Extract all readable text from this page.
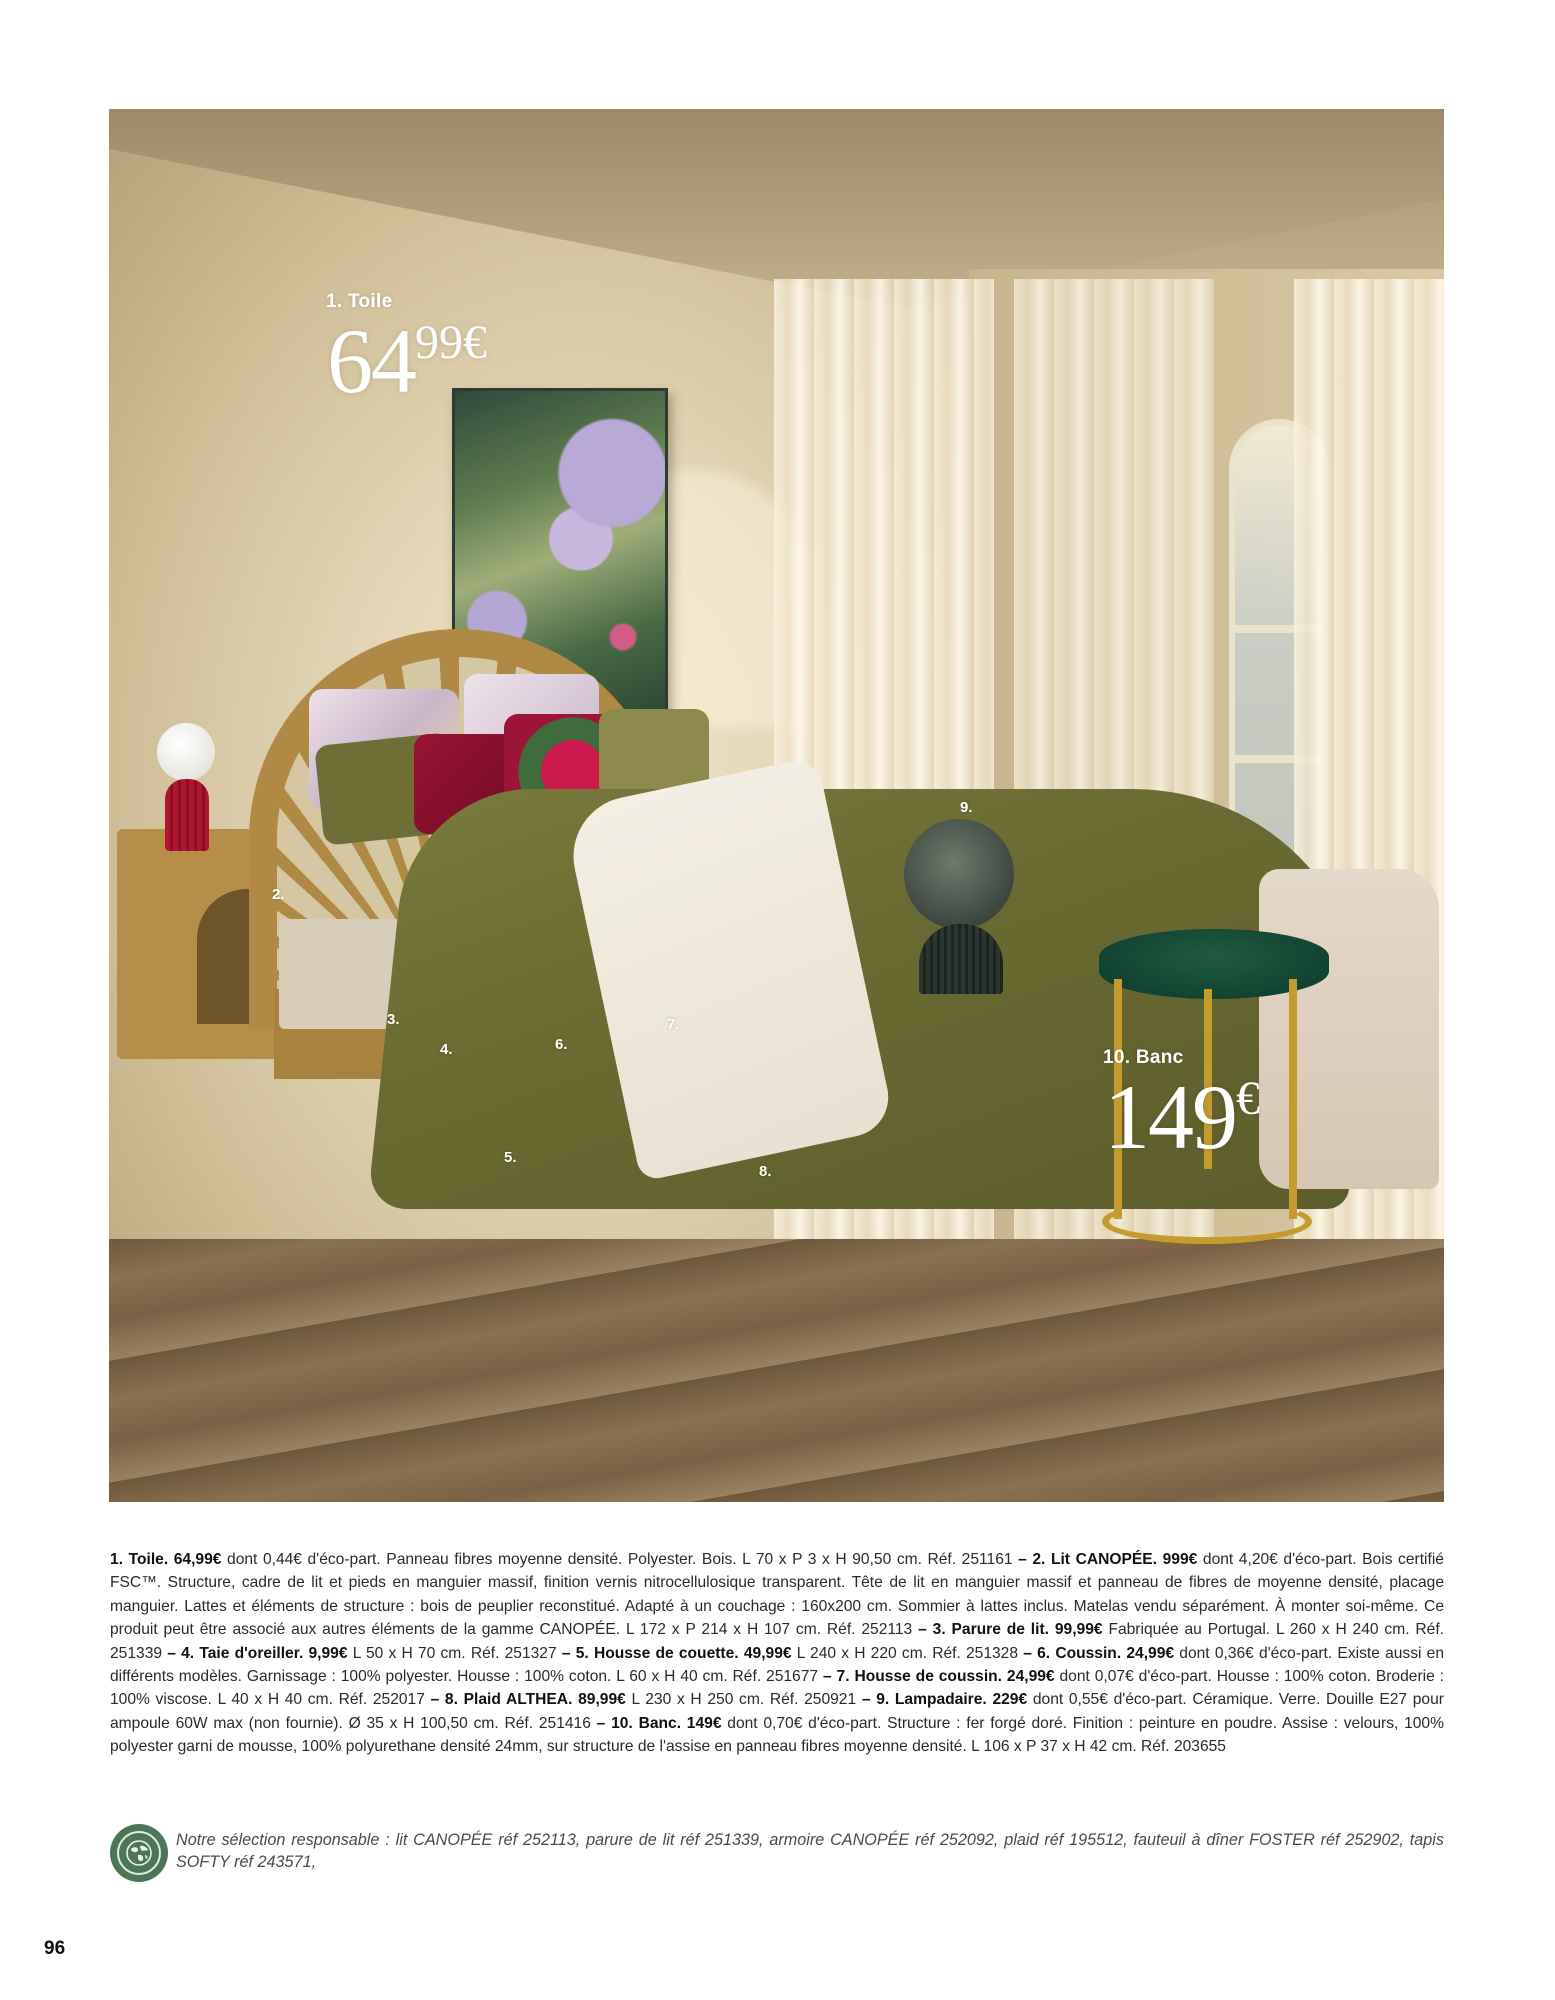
1. Toile
6499€
10. Banc
149€
2.
3.
4.
5.
6.
7.
8.
9.
1. Toile. 64,99€ dont 0,44€ d'éco-part. Panneau fibres moyenne densité. Polyester. Bois. L 70 x P 3 x H 90,50 cm. Réf. 251161 – 2. Lit CANOPÉE. 999€ dont 4,20€ d'éco-part. Bois certifié FSC™. Structure, cadre de lit et pieds en manguier massif, finition vernis nitrocellulosique transparent. Tête de lit en manguier massif et panneau de fibres de moyenne densité, placage manguier. Lattes et éléments de structure : bois de peuplier reconstitué. Adapté à un couchage : 160x200 cm. Sommier à lattes inclus. Matelas vendu séparément. À monter soi-même. Ce produit peut être associé aux autres éléments de la gamme CANOPÉE. L 172 x P 214 x H 107 cm. Réf. 252113 – 3. Parure de lit. 99,99€ Fabriquée au Portugal. L 260 x H 240 cm. Réf. 251339 – 4. Taie d'oreiller. 9,99€ L 50 x H 70 cm. Réf. 251327 – 5. Housse de couette. 49,99€ L 240 x H 220 cm. Réf. 251328 – 6. Coussin. 24,99€ dont 0,36€ d'éco-part. Existe aussi en différents modèles. Garnissage : 100% polyester. Housse : 100% coton. L 60 x H 40 cm. Réf. 251677 – 7. Housse de coussin. 24,99€ dont 0,07€ d'éco-part. Housse : 100% coton. Broderie : 100% viscose. L 40 x H 40 cm. Réf. 252017 – 8. Plaid ALTHEA. 89,99€ L 230 x H 250 cm. Réf. 250921 – 9. Lampadaire. 229€ dont 0,55€ d'éco-part. Céramique. Verre. Douille E27 pour ampoule 60W max (non fournie). Ø 35 x H 100,50 cm. Réf. 251416 – 10. Banc. 149€ dont 0,70€ d'éco-part. Structure : fer forgé doré. Finition : peinture en poudre. Assise : velours, 100% polyester garni de mousse, 100% polyurethane densité 24mm, sur structure de l'assise en panneau fibres moyenne densité. L 106 x P 37 x H 42 cm. Réf. 203655
Notre sélection responsable : lit CANOPÉE réf 252113, parure de lit réf 251339, armoire CANOPÉE réf 252092, plaid réf 195512, fauteuil à dîner FOSTER réf 252902, tapis SOFTY réf 243571,
96
